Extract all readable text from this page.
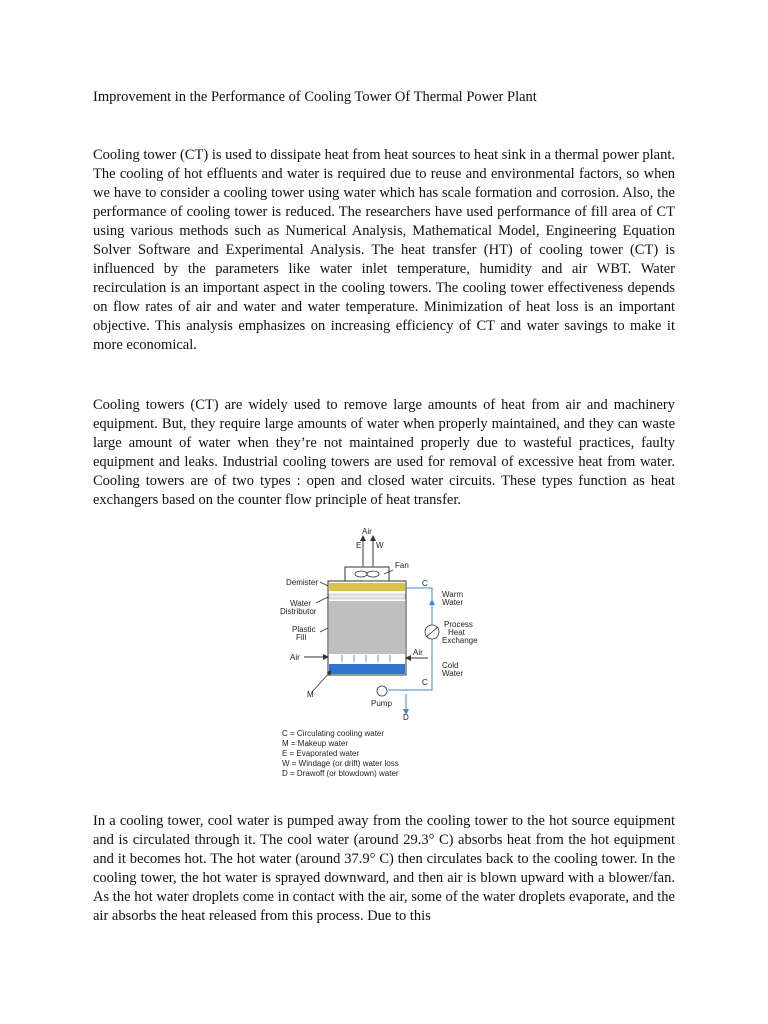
Improvement in the Performance of Cooling Tower Of Thermal Power Plant

Cooling tower (CT) is used to dissipate heat from heat sources to heat sink in a thermal power plant. The cooling of hot effluents and water is required due to reuse and environmental factors, so when we have to consider a cooling tower using water which has scale formation and corrosion. Also, the performance of cooling tower is reduced. The researchers have used performance of fill area of CT using various methods such as Numerical Analysis, Mathematical Model, Engineering Equation Solver Software and Experimental Analysis. The heat transfer (HT) of cooling tower (CT) is influenced by the parameters like water inlet temperature, humidity and air WBT. Water recirculation is an important aspect in the cooling towers. The cooling tower effectiveness depends on flow rates of air and water and water temperature. Minimization of heat loss is an important objective. This analysis emphasizes on increasing efficiency of CT and water savings to make it more economical.

Cooling towers (CT) are widely used to remove large amounts of heat from air and machinery equipment. But, they require large amounts of water when properly maintained, and they can waste large amount of water when they’re not maintained properly due to wasteful practices, faulty equipment and leaks. Industrial cooling towers are used for removal of excessive heat from water. Cooling towers are of two types : open and closed water circuits. These types function as heat exchangers based on the counter flow principle of heat transfer.

Air
E W
Fan
Demister
Water Distributor
Plastic Fill
Air
C
Warm Water
Process Heat Exchange
Air
Cold Water
C
M
Pump
D
C = Circulating cooling water
M = Makeup water
E = Evaporated water
W = Windage (or drift) water loss
D = Drawoff (or blowdown) water

In a cooling tower, cool water is pumped away from the cooling tower to the hot source equipment and is circulated through it. The cool water (around 29.3° C) absorbs heat from the hot equipment and it becomes hot. The hot water (around 37.9° C) then circulates back to the cooling tower. In the cooling tower, the hot water is sprayed downward, and then air is blown upward with a blower/fan. As the hot water droplets come in contact with the air, some of the water droplets evaporate, and the air absorbs the heat released from this process. Due to this
